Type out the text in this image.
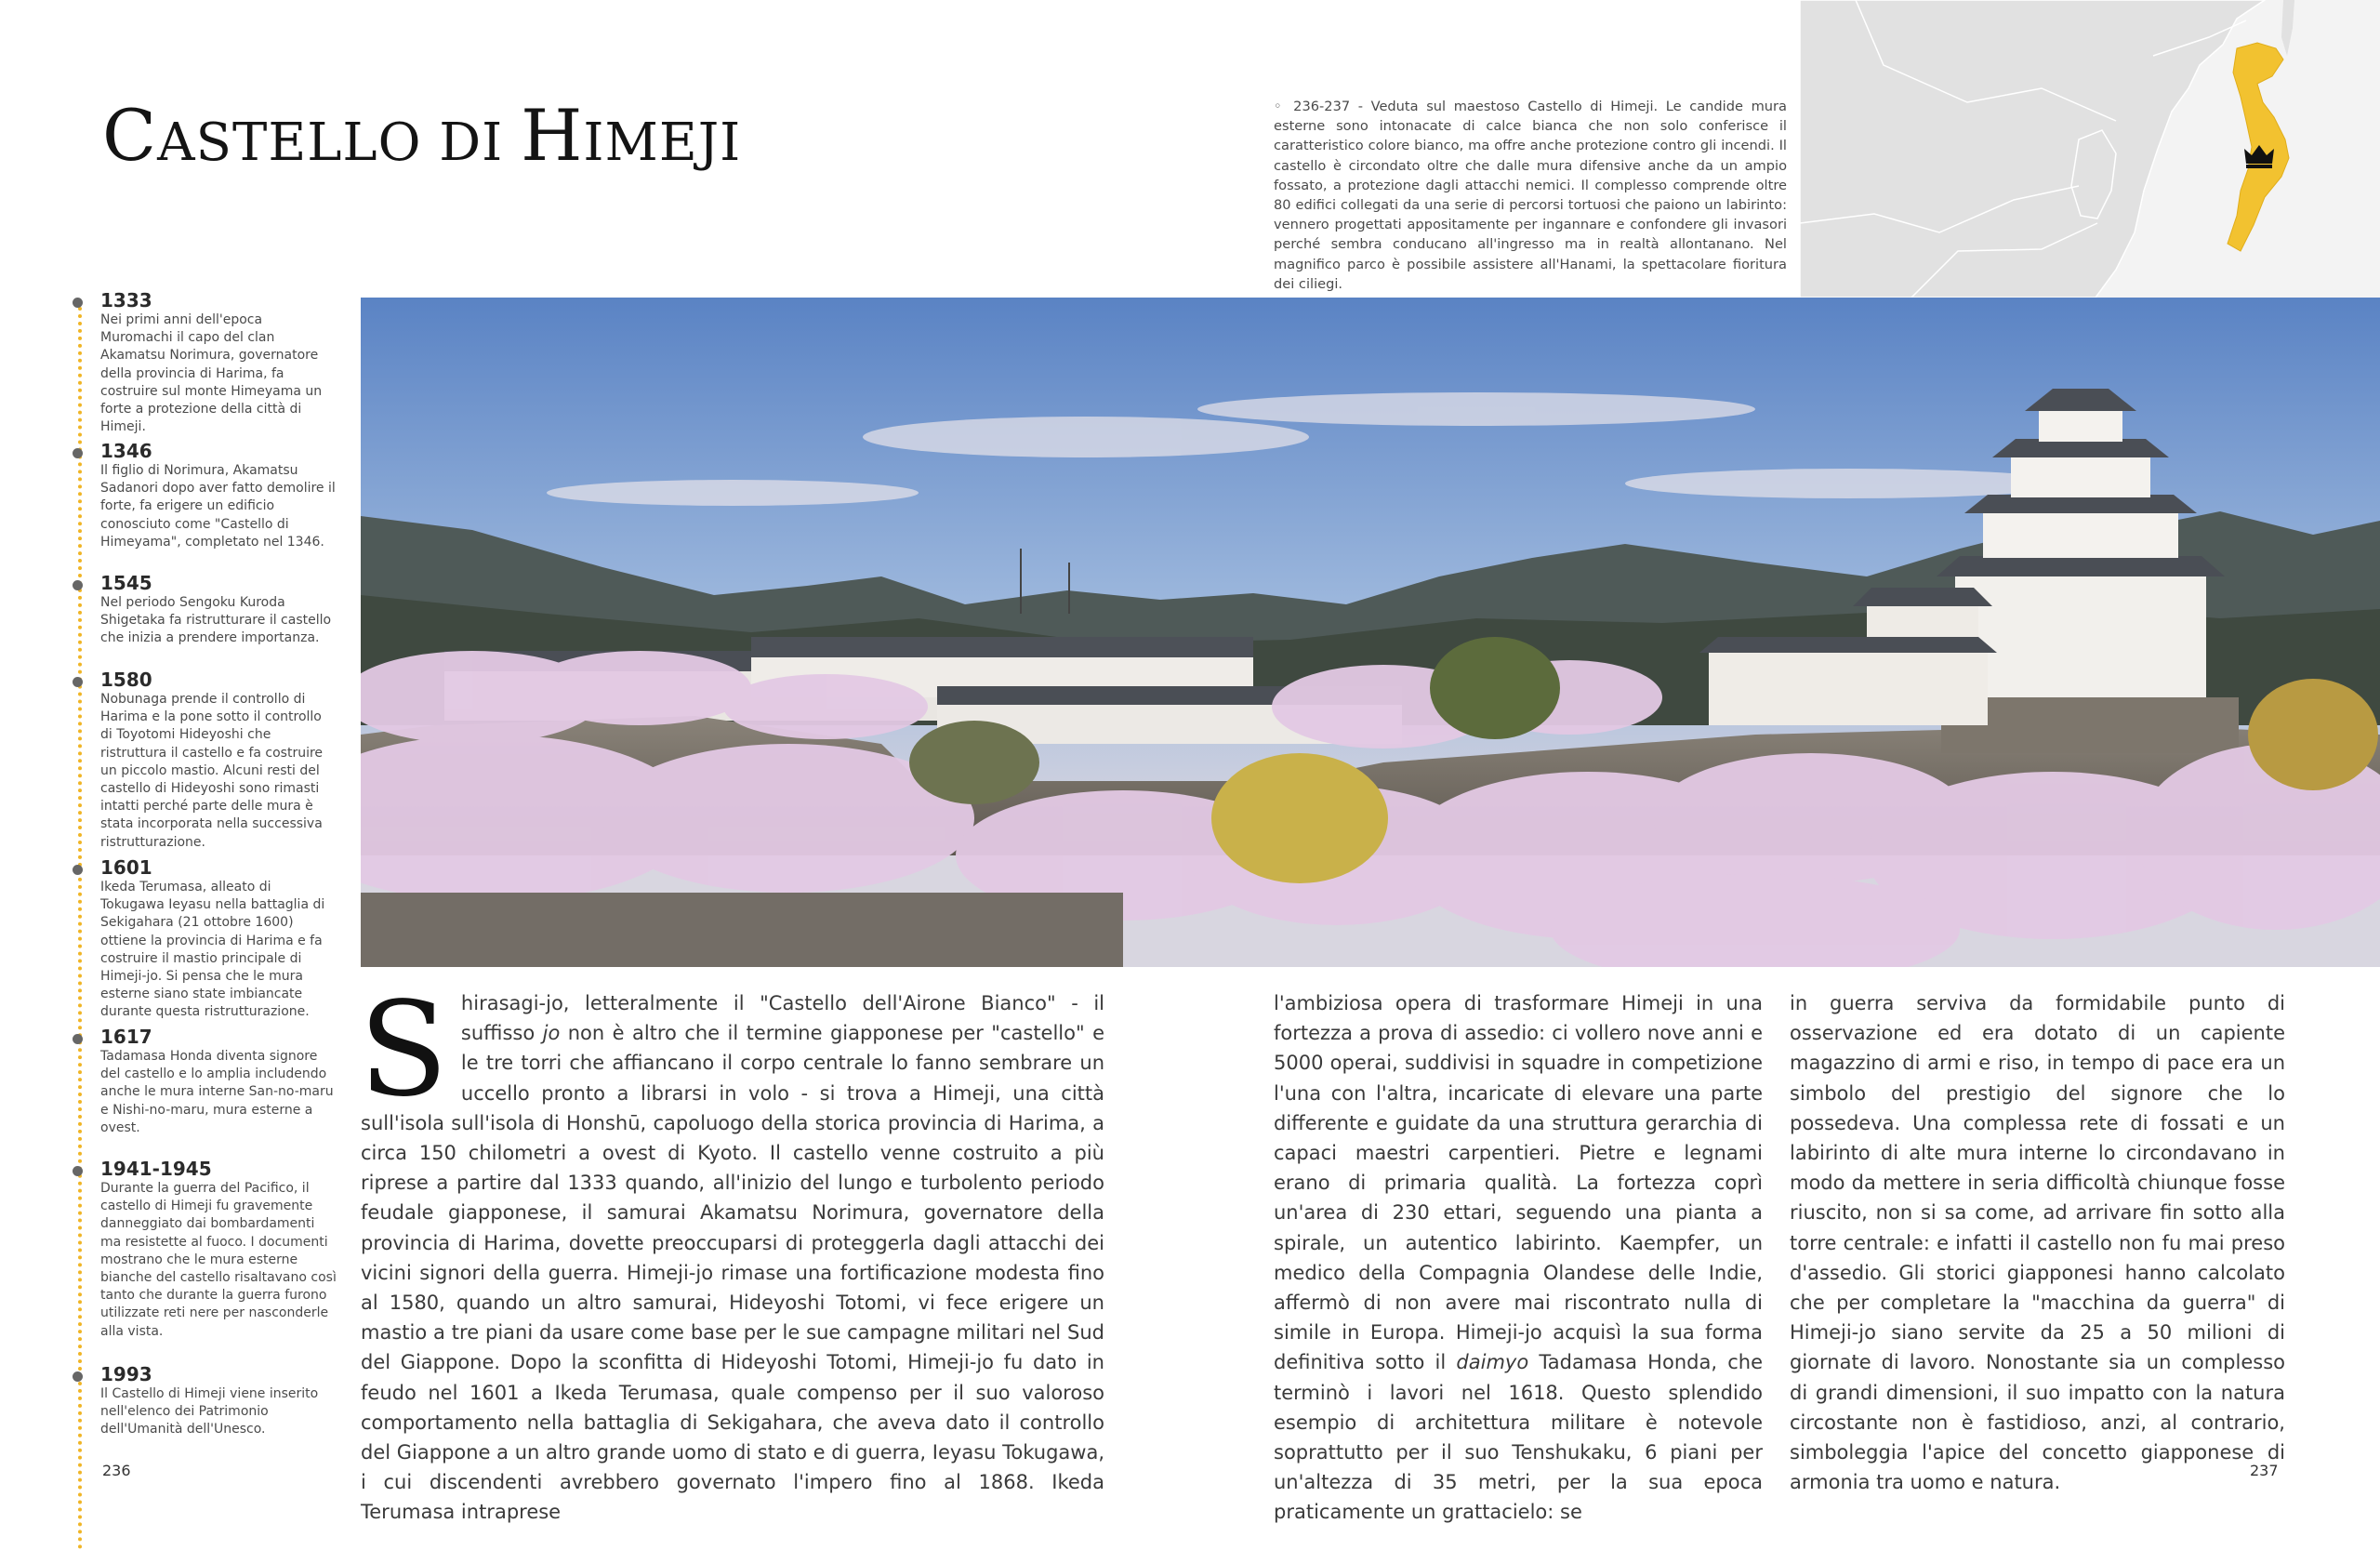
CASTELLO DI HIMEJI

◦ 236-237 - Veduta sul maestoso Castello di Himeji. Le candide mura esterne sono intonacate di calce bianca che non solo conferisce il caratteristico colore bianco, ma offre anche protezione contro gli incendi. Il castello è circondato oltre che dalle mura difensive anche da un ampio fossato, a protezione dagli attacchi nemici. Il complesso comprende oltre 80 edifici collegati da una serie di percorsi tortuosi che paiono un labirinto: vennero progettati appositamente per ingannare e confondere gli invasori perché sembra conducano all'ingresso ma in realtà allontanano. Nel magnifico parco è possibile assistere all'Hanami, la spettacolare fioritura dei ciliegi.

1333
Nei primi anni dell'epoca Muromachi il capo del clan Akamatsu Norimura, governatore della provincia di Harima, fa costruire sul monte Himeyama un forte a protezione della città di Himeji.
1346
Il figlio di Norimura, Akamatsu Sadanori dopo aver fatto demolire il forte, fa erigere un edificio conosciuto come "Castello di Himeyama", completato nel 1346.
1545
Nel periodo Sengoku Kuroda Shigetaka fa ristrutturare il castello che inizia a prendere importanza.
1580
Nobunaga prende il controllo di Harima e la pone sotto il controllo di Toyotomi Hideyoshi che ristruttura il castello e fa costruire un piccolo mastio. Alcuni resti del castello di Hideyoshi sono rimasti intatti perché parte delle mura è stata incorporata nella successiva ristrutturazione.
1601
Ikeda Terumasa, alleato di Tokugawa Ieyasu nella battaglia di Sekigahara (21 ottobre 1600) ottiene la provincia di Harima e fa costruire il mastio principale di Himeji-jo. Si pensa che le mura esterne siano state imbiancate durante questa ristrutturazione.
1617
Tadamasa Honda diventa signore del castello e lo amplia includendo anche le mura interne San-no-maru e Nishi-no-maru, mura esterne a ovest.
1941-1945
Durante la guerra del Pacifico, il castello di Himeji fu gravemente danneggiato dai bombardamenti ma resistette al fuoco. I documenti mostrano che le mura esterne bianche del castello risaltavano così tanto che durante la guerra furono utilizzate reti nere per nasconderle alla vista.
1993
Il Castello di Himeji viene inserito nell'elenco dei Patrimonio dell'Umanità dell'Unesco.

Shirasagi-jo, letteralmente il "Castello dell'Airone Bianco" - il suffisso jo non è altro che il termine giapponese per "castello" e le tre torri che affiancano il corpo centrale lo fanno sembrare un uccello pronto a librarsi in volo - si trova a Himeji, una città sull'isola sull'isola di Honshū, capoluogo della storica provincia di Harima, a circa 150 chilometri a ovest di Kyoto. Il castello venne costruito a più riprese a partire dal 1333 quando, all'inizio del lungo e turbolento periodo feudale giapponese, il samurai Akamatsu Norimura, governatore della provincia di Harima, dovette preoccuparsi di proteggerla dagli attacchi dei vicini signori della guerra. Himeji-jo rimase una fortificazione modesta fino al 1580, quando un altro samurai, Hideyoshi Totomi, vi fece erigere un mastio a tre piani da usare come base per le sue campagne militari nel Sud del Giappone. Dopo la sconfitta di Hideyoshi Totomi, Himeji-jo fu dato in feudo nel 1601 a Ikeda Terumasa, quale compenso per il suo valoroso comportamento nella battaglia di Sekigahara, che aveva dato il controllo del Giappone a un altro grande uomo di stato e di guerra, Ieyasu Tokugawa, i cui discendenti avrebbero governato l'impero fino al 1868. Ikeda Terumasa intraprese

l'ambiziosa opera di trasformare Himeji in una fortezza a prova di assedio: ci vollero nove anni e 5000 operai, suddivisi in squadre in competizione l'una con l'altra, incaricate di elevare una parte differente e guidate da una struttura gerarchia di capaci maestri carpentieri. Pietre e legnami erano di primaria qualità. La fortezza coprì un'area di 230 ettari, seguendo una pianta a spirale, un autentico labirinto. Kaempfer, un medico della Compagnia Olandese delle Indie, affermò di non avere mai riscontrato nulla di simile in Europa. Himeji-jo acquisì la sua forma definitiva sotto il daimyo Tadamasa Honda, che terminò i lavori nel 1618. Questo splendido esempio di architettura militare è notevole soprattutto per il suo Tenshukaku, 6 piani per un'altezza di 35 metri, per la sua epoca praticamente un grattacielo: se

in guerra serviva da formidabile punto di osservazione ed era dotato di un capiente magazzino di armi e riso, in tempo di pace era un simbolo del prestigio del signore che lo possedeva. Una complessa rete di fossati e un labirinto di alte mura interne lo circondavano in modo da mettere in seria difficoltà chiunque fosse riuscito, non si sa come, ad arrivare fin sotto alla torre centrale: e infatti il castello non fu mai preso d'assedio. Gli storici giapponesi hanno calcolato che per completare la "macchina da guerra" di Himeji-jo siano servite da 25 a 50 milioni di giornate di lavoro. Nonostante sia un complesso di grandi dimensioni, il suo impatto con la natura circostante non è fastidioso, anzi, al contrario, simboleggia l'apice del concetto giapponese di armonia tra uomo e natura.

236	237
